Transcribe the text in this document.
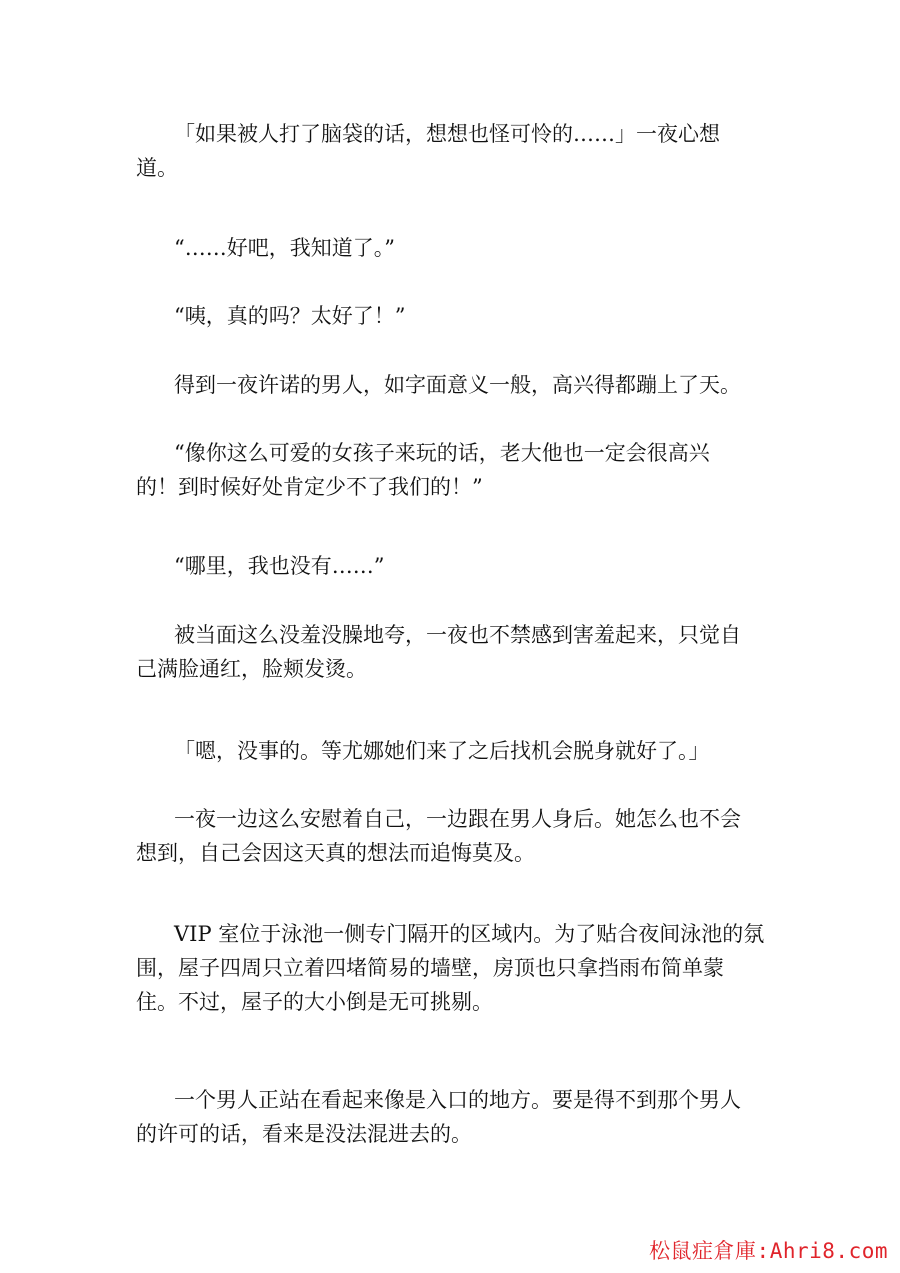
「如果被人打了脑袋的话，想想也怪可怜的……」一夜心想
道。

“……好吧，我知道了。”

“咦，真的吗？太好了！”

得到一夜许诺的男人，如字面意义一般，高兴得都蹦上了天。

“像你这么可爱的女孩子来玩的话，老大他也一定会很高兴
的！到时候好处肯定少不了我们的！”

“哪里，我也没有……”

被当面这么没羞没臊地夸，一夜也不禁感到害羞起来，只觉自
己满脸通红，脸颊发烫。

「嗯，没事的。等尤娜她们来了之后找机会脱身就好了。」

一夜一边这么安慰着自己，一边跟在男人身后。她怎么也不会
想到，自己会因这天真的想法而追悔莫及。

VIP 室位于泳池一侧专门隔开的区域内。为了贴合夜间泳池的氛
围，屋子四周只立着四堵简易的墙壁，房顶也只拿挡雨布简单蒙
住。不过，屋子的大小倒是无可挑剔。

一个男人正站在看起来像是入口的地方。要是得不到那个男人
的许可的话，看来是没法混进去的。

松鼠症倉庫:Ahri8.com
